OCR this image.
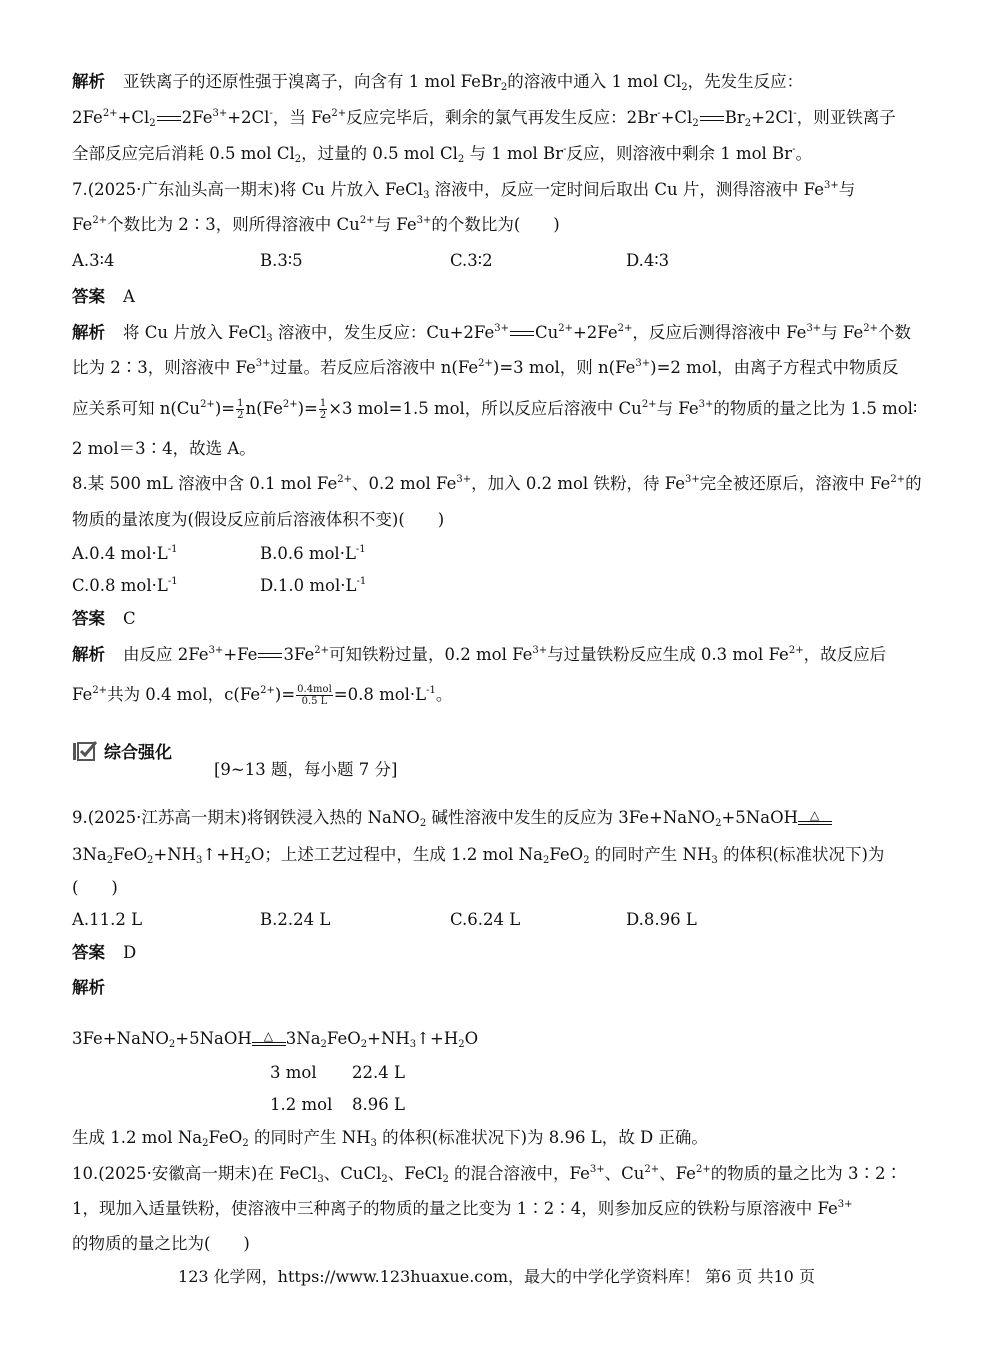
解析 亚铁离子的还原性强于溴离子，向含有 1 mol FeBr$_2$的溶液中通入 1 mol $Cl_2$，先发生反应：
$2Fe^{2+}+Cl_2$ $2Fe^{3+}+2Cl^-$，当 $Fe^{2+}$反应完毕后，剩余的氯气再发生反应：$2Br^-+Cl_2$ $Br_2+2Cl^-$，则亚铁离子
全部反应完后消耗 0.5 mol $Cl_2$，过量的 0.5 mol $Cl_2$ 与 1 mol Br-反应，则溶液中剩余 1 mol Br-。
7.(2025·广东汕头高一期末)将 Cu 片放入 FeCl$_3$ 溶液中，反应一定时间后取出 Cu 片，测得溶液中 $Fe^{3+}$与
$Fe^{2+}$个数比为 2∶3，则所得溶液中 $Cu^{2+}$与 $Fe^{3+}$的个数比为(　　)
A.3∶4	B.3∶5	C.3∶2	D.4∶3
答案 A
解析 将 Cu 片放入 FeCl$_3$ 溶液中，发生反应：$Cu+2Fe^{3+}$ $Cu^{2+}+2Fe^{2+}$，反应后测得溶液中 $Fe^{3+}$与 $Fe^{2+}$个数
比为 2∶3，则溶液中 $Fe^{3+}$过量。若反应后溶液中 $n(Fe^{2+})=3$ mol，则 $n(Fe^{3+})=2$ mol，由离子方程式中物质反
应关系可知 $n(Cu^{2+})= \frac{1}{2} n(Fe^{2+})= \frac{1}{2} \times 3$ mol=1.5 mol，所以反应后溶液中 $Cu^{2+}$与 $Fe^{3+}$的物质的量之比为 1.5 mol∶
2 mol＝3∶4，故选 A。
8.某 500 mL 溶液中含 0.1 mol $Fe^{2+}$、0.2 mol $Fe^{3+}$，加入 0.2 mol 铁粉，待 $Fe^{3+}$完全被还原后，溶液中 $Fe^{2+}$的
物质的量浓度为(假设反应前后溶液体积不变)(　　)
A.0.4 $mol\cdot L^{-1}$	B.0.6 $mol\cdot L^{-1}$
C.0.8 $mol\cdot L^{-1}$	D.1.0 $mol\cdot L^{-1}$
答案 C
解析 由反应 $2Fe^{3+}+Fe$ $3Fe^{2+}$可知铁粉过量，0.2 mol $Fe^{3+}$与过量铁粉反应生成 0.3 mol $Fe^{2+}$，故反应后
$Fe^{2+}$共为 0.4 mol，$c(Fe^{2+})= \frac{\text{0.4mol}}{0.5 L} =0.8$ $mol\cdot L^{-1}$。
综合强化
[9~13 题，每小题 7 分]
9.(2025·江苏高一期末)将钢铁浸入热的 NaNO$_2$ 碱性溶液中发生的反应为 3Fe+NaNO$_2$+5NaOH △
$3Na_2FeO_2+NH_3↑+H_2O$；上述工艺过程中，生成 1.2 mol $Na_2FeO_2$ 的同时产生 $NH_3$ 的体积(标准状况下)为
(　　)
A.11.2 L	B.2.24 L	C.6.24 L	D.8.96 L
答案 D
解析
3Fe+NaNO$_2$+5NaOH △ $3Na_2FeO_2+NH_3↑+H_2O$
3 mol 22.4 L
1.2 mol 8.96 L
生成 1.2 mol $Na_2FeO_2$ 的同时产生 $NH_3$ 的体积(标准状况下)为 8.96 L，故 D 正确。
10.(2025·安徽高一期末)在 FeCl$_3$、CuCl$_2$、FeCl$_2$ 的混合溶液中，$Fe^{3+}$、$Cu^{2+}$、$Fe^{2+}$的物质的量之比为 3∶2∶
1，现加入适量铁粉，使溶液中三种离子的物质的量之比变为 1∶2∶4，则参加反应的铁粉与原溶液中 $Fe^{3+}$
的物质的量之比为(　　)
123 化学网，https://www.123huaxue.com，最大的中学化学资料库！ 第6 页 共10 页
